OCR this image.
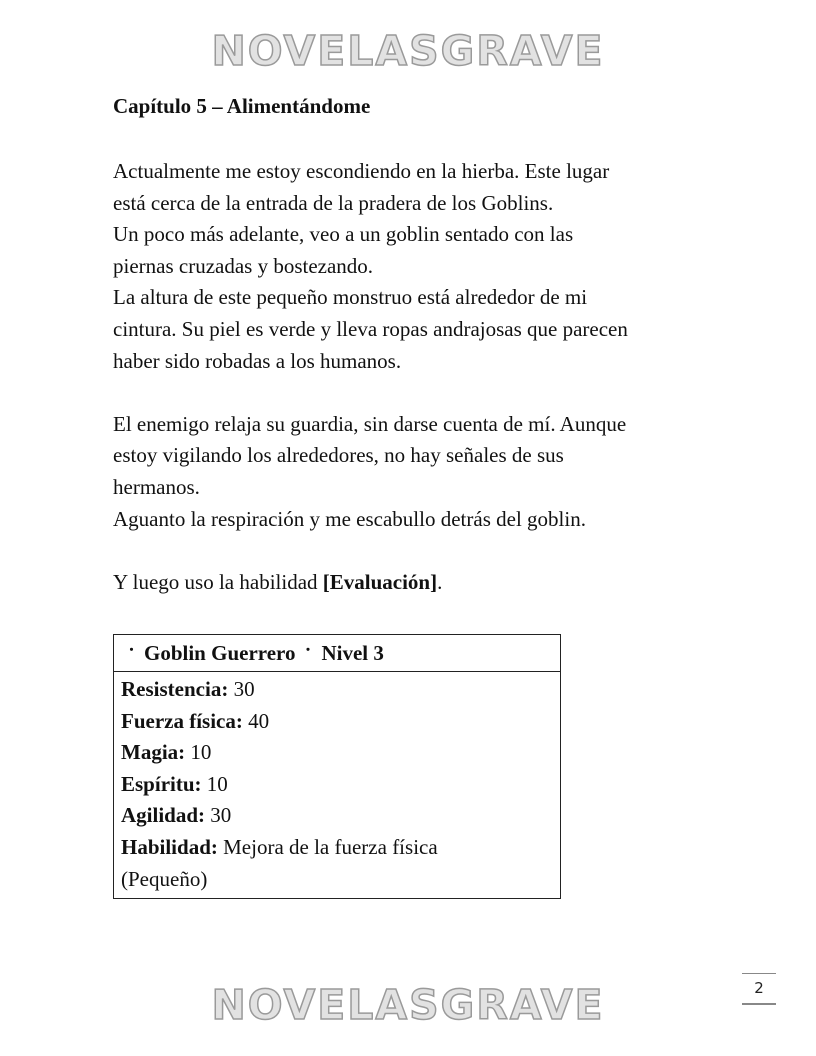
NOVELASGRAVE
Capítulo 5 – Alimentándome

Actualmente me estoy escondiendo en la hierba. Este lugar

está cerca de la entrada de la pradera de los Goblins.

Un poco más adelante, veo a un goblin sentado con las

piernas cruzadas y bostezando.

La altura de este pequeño monstruo está alrededor de mi

cintura. Su piel es verde y lleva ropas andrajosas que parecen

haber sido robadas a los humanos.

El enemigo relaja su guardia, sin darse cuenta de mí. Aunque

estoy vigilando los alrededores, no hay señales de sus

hermanos.

Aguanto la respiración y me escabullo detrás del goblin.

Y luego uso la habilidad [Evaluación].

･ Goblin Guerrero ･ Nivel 3

Resistencia: 30

Fuerza física: 40

Magia: 10

Espíritu: 10

Agilidad: 30

Habilidad: Mejora de la fuerza física

(Pequeño)

2
NOVELASGRAVE
